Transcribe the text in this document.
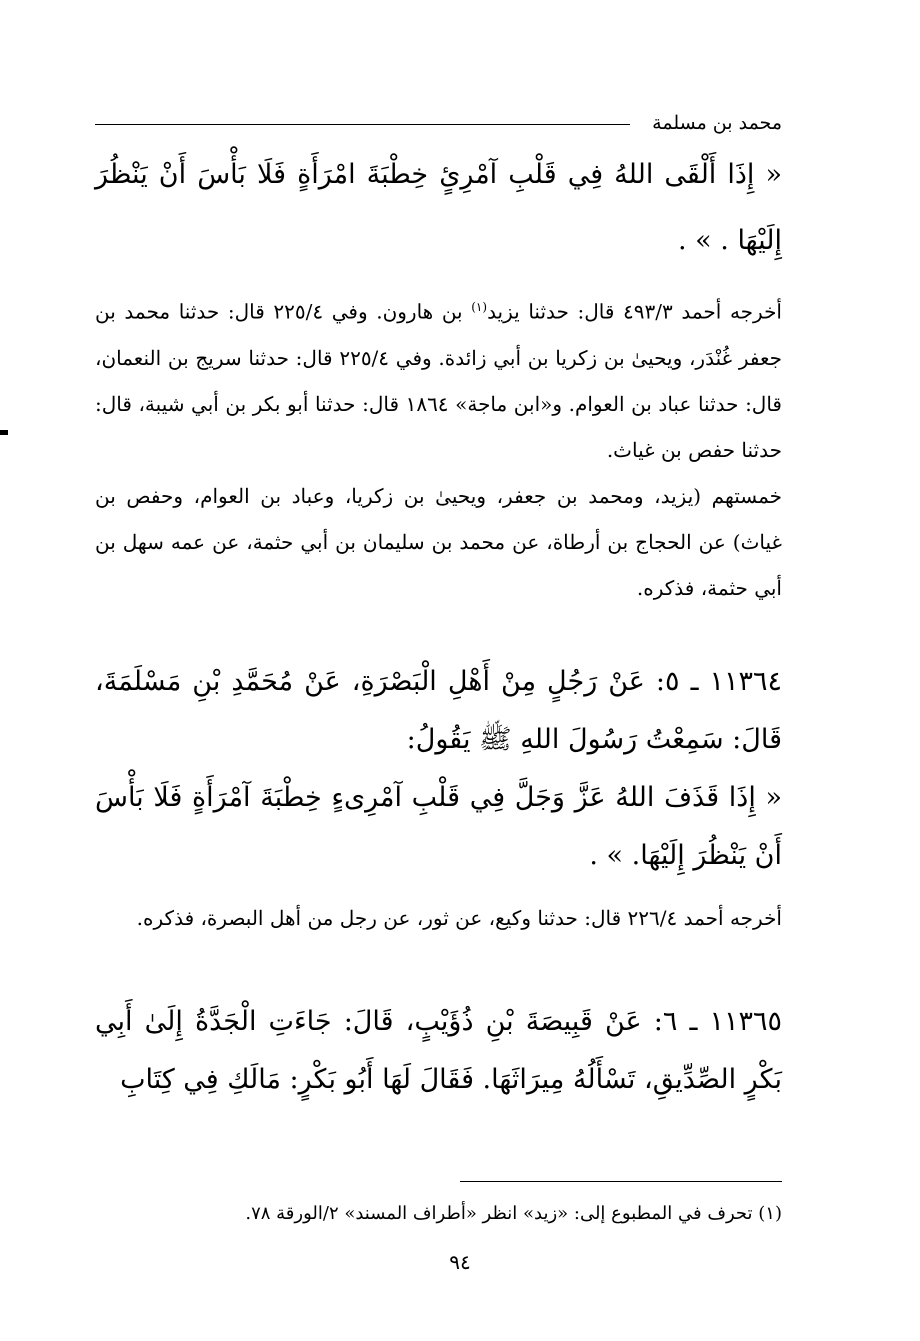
محمد بن مسلمة
« إِذَا أَلْقَى اللهُ فِي قَلْبِ آمْرِئٍ خِطْبَةَ امْرَأَةٍ فَلَا بَأْسَ أَنْ يَنْظُرَ إِلَيْهَا . » .

أخرجه أحمد ٤٩٣/٣ قال: حدثنا يزيد$^{(١)}$ بن هارون. وفي ٢٢٥/٤ قال: حدثنا محمد بن جعفر غُنْدَر، ويحيىٰ بن زكريا بن أبي زائدة. وفي ٢٢٥/٤ قال: حدثنا سريج بن النعمان، قال: حدثنا عباد بن العوام. و«ابن ماجة» ١٨٦٤ قال: حدثنا أبو بكر بن أبي شيبة، قال: حدثنا حفص بن غياث.

خمستهم (يزيد، ومحمد بن جعفر، ويحيىٰ بن زكريا، وعباد بن العوام، وحفص بن غياث) عن الحجاج بن أرطاة، عن محمد بن سليمان بن أبي حثمة، عن عمه سهل بن أبي حثمة، فذكره.

١١٣٦٤ ـ ٥: عَنْ رَجُلٍ مِنْ أَهْلِ الْبَصْرَةِ، عَنْ مُحَمَّدِ بْنِ مَسْلَمَةَ، قَالَ: سَمِعْتُ رَسُولَ اللهِ ﷺ يَقُولُ:
« إِذَا قَذَفَ اللهُ عَزَّ وَجَلَّ فِي قَلْبِ آمْرِىءٍ خِطْبَةَ آمْرَأَةٍ فَلَا بَأْسَ أَنْ يَنْظُرَ إِلَيْهَا. » .
أخرجه أحمد ٢٢٦/٤ قال: حدثنا وكيع، عن ثور، عن رجل من أهل البصرة، فذكره.
١١٣٦٥ ـ ٦: عَنْ قَبِيصَةَ بْنِ ذُؤَيْبٍ، قَالَ: جَاءَتِ الْجَدَّةُ إِلَىٰ أَبِي بَكْرٍ الصِّدِّيقِ، تَسْأَلُهُ مِيرَاثَهَا. فَقَالَ لَهَا أَبُو بَكْرٍ: مَالَكِ فِي كِتَابِ
(١) تحرف في المطبوع إلى: «زيد» انظر «أطراف المسند» ٢/الورقة ٧٨.
٩٤
